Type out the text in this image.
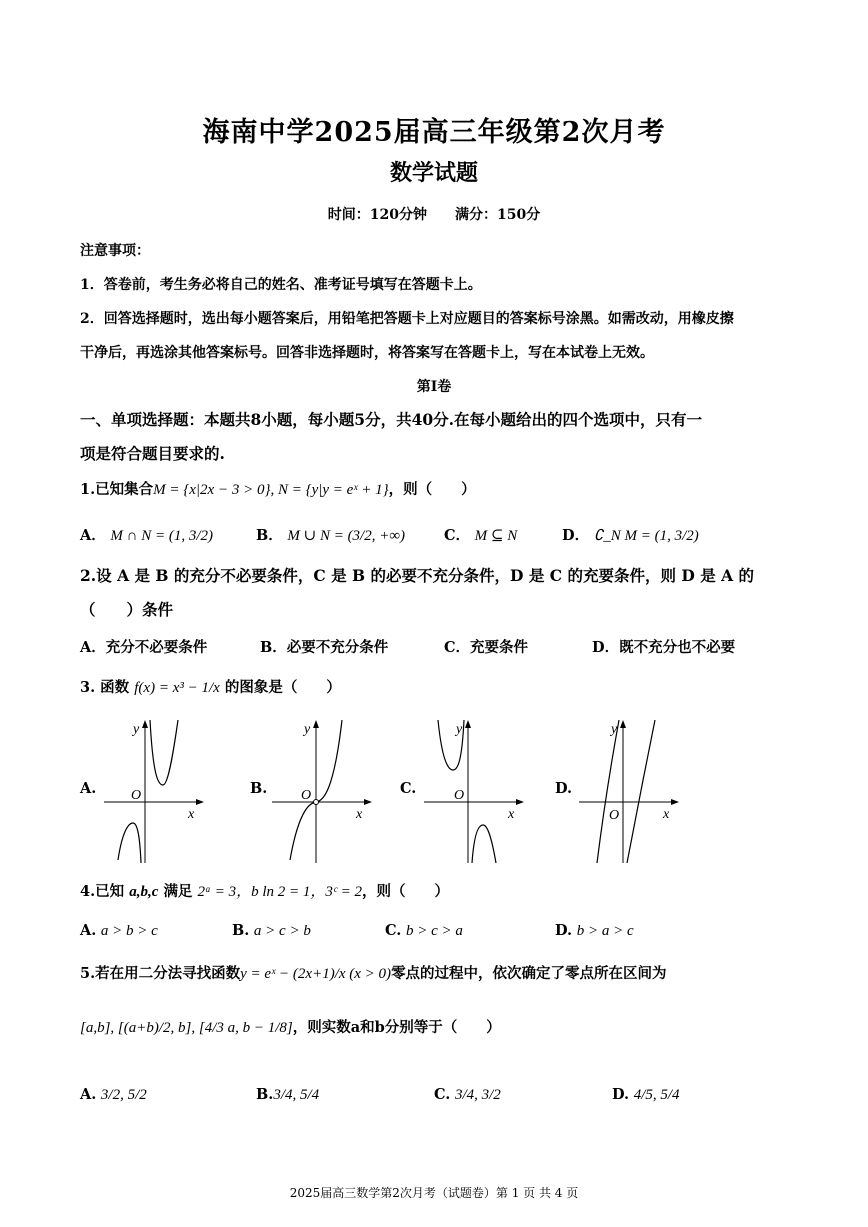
海南中学2025届高三年级第2次月考
数学试题
时间：120分钟　　满分：150分
注意事项：
1．答卷前，考生务必将自己的姓名、准考证号填写在答题卡上。
2．回答选择题时，选出每小题答案后，用铅笔把答题卡上对应题目的答案标号涂黑。如需改动，用橡皮擦
干净后，再选涂其他答案标号。回答非选择题时，将答案写在答题卡上，写在本试卷上无效。
第Ⅰ卷
一、单项选择题：本题共8小题，每小题5分，共40分.在每小题给出的四个选项中，只有一
项是符合题目要求的.
1.已知集合M = {x|2x − 3 > 0}, N = {y|y = eˣ + 1}，则（　　）
A． M ∩ N = (1, 3/2)	B． M ∪ N = (3/2, +∞)	C． M ⊆ N	D． ∁_N M = (1, 3/2)
2.设 A 是 B 的充分不必要条件，C 是 B 的必要不充分条件，D 是 C 的充要条件，则 D 是 A 的
（　　）条件
A．充分不必要条件	B．必要不充分条件	C．充要条件	D．既不充分也不必要
3. 函数 f(x) = x³ − 1/x 的图象是（　　）
A.
y
x
O	B.
y
x
O	C.
y
x
O	D.
y
x
O
4.已知 a,b,c 满足 2ᵃ = 3，b ln 2 = 1，3ᶜ = 2，则（　　）
A. a > b > c	B. a > c > b	C. b > c > a	D. b > a > c
5.若在用二分法寻找函数y = eˣ − (2x+1)/x (x > 0)零点的过程中，依次确定了零点所在区间为
[a,b], [(a+b)/2, b], [4/3 a, b − 1/8]，则实数a和b分别等于（　　）
A. 3/2, 5/2	B.3/4, 5/4	C. 3/4, 3/2	D. 4/5, 5/4
2025届高三数学第2次月考（试题卷）第 1 页 共 4 页
